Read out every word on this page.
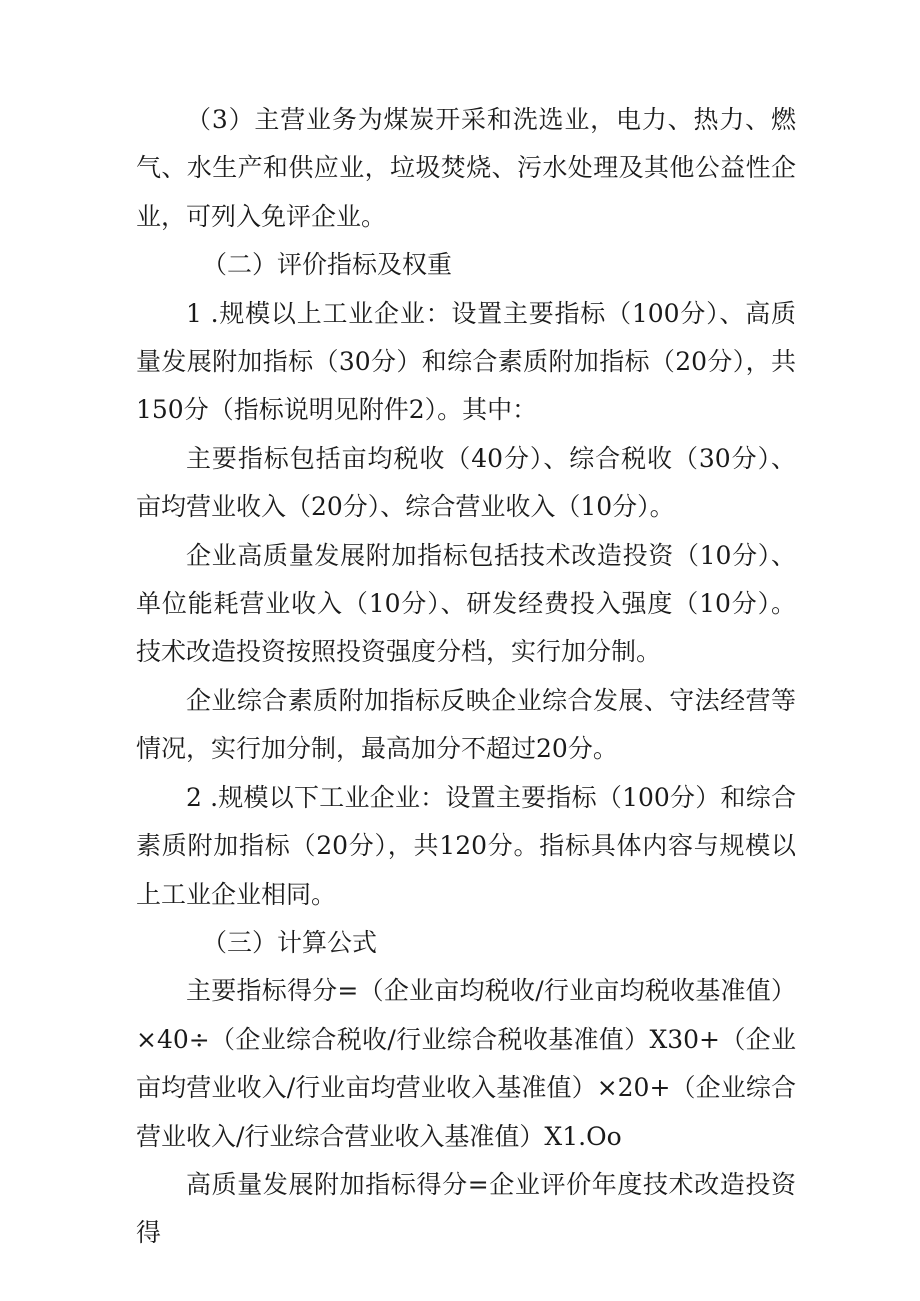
（3）主营业务为煤炭开采和洗选业，电力、热力、燃气、水生产和供应业，垃圾焚烧、污水处理及其他公益性企业，可列入免评企业。

（二）评价指标及权重

1 .规模以上工业企业：设置主要指标（100分）、高质量发展附加指标（30分）和综合素质附加指标（20分），共150分（指标说明见附件2）。其中：

主要指标包括亩均税收（40分）、综合税收（30分）、亩均营业收入（20分）、综合营业收入（10分）。

企业高质量发展附加指标包括技术改造投资（10分）、单位能耗营业收入（10分）、研发经费投入强度（10分）。技术改造投资按照投资强度分档，实行加分制。

企业综合素质附加指标反映企业综合发展、守法经营等情况，实行加分制，最高加分不超过20分。

2 .规模以下工业企业：设置主要指标（100分）和综合素质附加指标（20分），共120分。指标具体内容与规模以上工业企业相同。

（三）计算公式

主要指标得分=（企业亩均税收/行业亩均税收基准值）×40÷（企业综合税收/行业综合税收基准值）X30+（企业亩均营业收入/行业亩均营业收入基准值）×20+（企业综合营业收入/行业综合营业收入基准值）X1.Oo

高质量发展附加指标得分=企业评价年度技术改造投资得
